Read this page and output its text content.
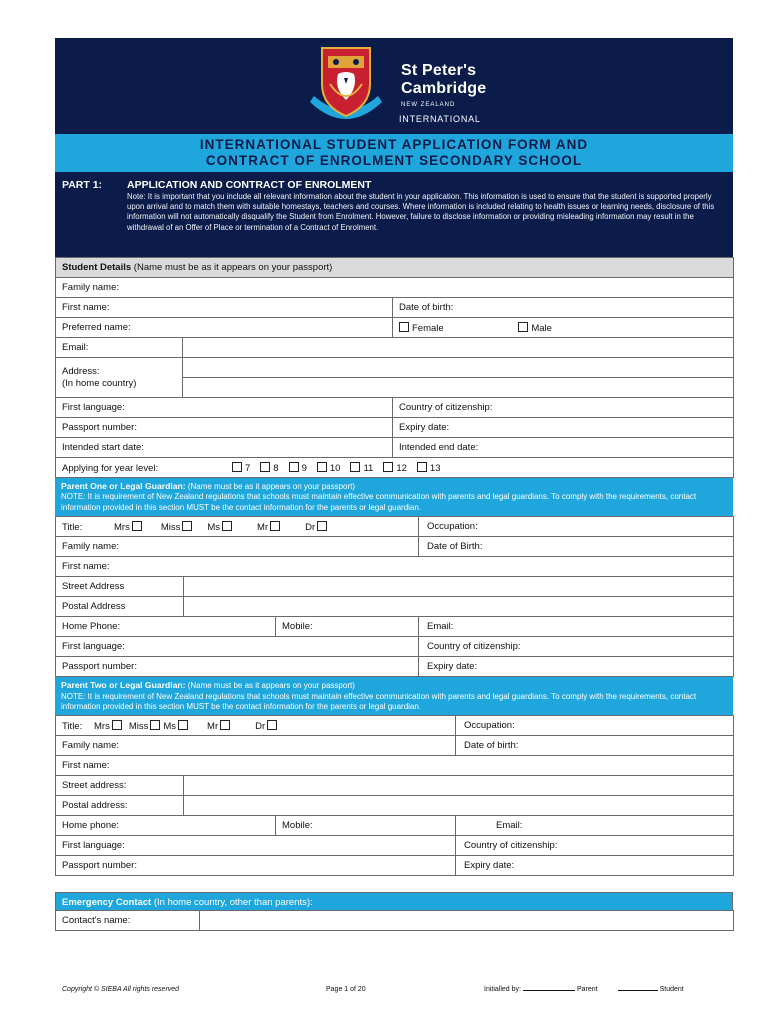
St Peter's
Cambridge
NEW ZEALAND
INTERNATIONAL
INTERNATIONAL STUDENT APPLICATION FORM AND
CONTRACT OF ENROLMENT SECONDARY SCHOOL
PART 1: APPLICATION AND CONTRACT OF ENROLMENT
Note: It is important that you include all relevant information about the student in your application. This information is used to ensure that the student is supported properly upon arrival and to match them with suitable homestays, teachers and courses. Where information is included relating to health issues or learning needs, disclosure of this information will not automatically disqualify the Student from Enrolment. However, failure to disclose information or providing misleading information may result in the withdrawal of an Offer of Place or termination of a Contract of Enrolment.
Student Details (Name must be as it appears on your passport)		
Family name:		
First name:		Date of birth:
Preferred name:		Female Male
Email:		
Address:
(In home country)		

First language:		Country of citizenship:
Passport number:		Expiry date:
Intended start date:		Intended end date:
Applying for year level: 7 8 9 10 11 12 13		
Parent One or Legal Guardian: (Name must be as it appears on your passport)
NOTE: It is requirement of New Zealand regulations that schools must maintain effective communication with parents and legal guardians. To comply with the requirements, contact information provided in this section MUST be the contact information for the parents or legal guardian.
Title: Mrs Miss Ms Mr Dr			Occupation:
Family name:			Date of Birth:
First name:			
Street Address			
Postal Address			
Home Phone:		Mobile:	Email:
First language:			Country of citizenship:
Passport number:			Expiry date:
Parent Two or Legal Guardian: (Name must be as it appears on your passport)
NOTE: It is requirement of New Zealand regulations that schools must maintain effective communication with parents and legal guardians. To comply with the requirements, contact information provided in this section MUST be the contact information for the parents or legal guardian.
Title: Mrs Miss Ms Mr Dr			Occupation:
Family name:			Date of birth:
First name:			
Street address:			
Postal address:			
Home phone:		Mobile:	Email:
First language:			Country of citizenship:
Passport number:			Expiry date:
Emergency Contact (In home country, other than parents):
Contact's name:	
Copyright © SIEBA All rights reserved	Page 1 of 20	Initialled by:	Parent	Student
